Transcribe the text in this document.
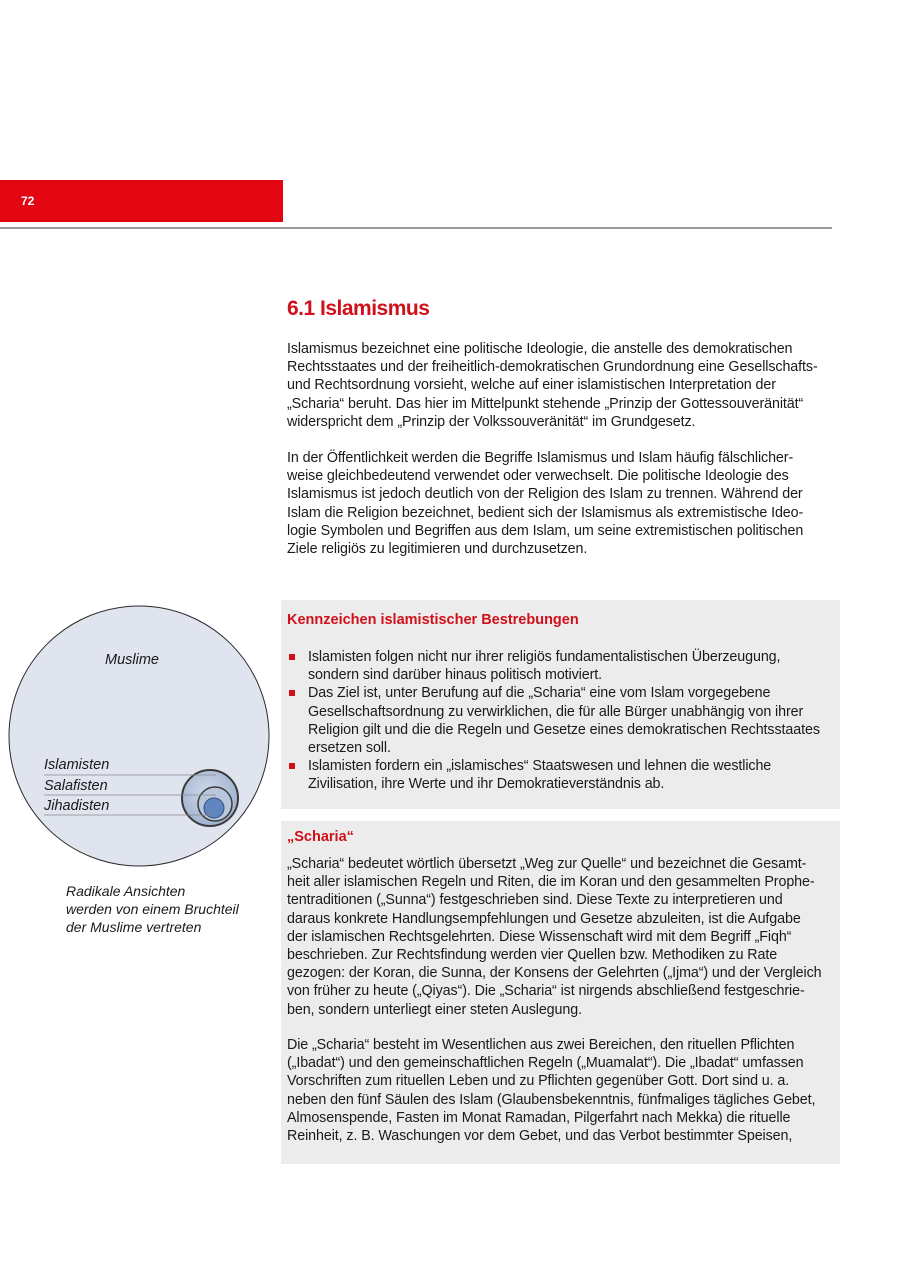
72
6.1 Islamismus

Islamismus bezeichnet eine politische Ideologie, die anstelle des demokratischen
Rechtsstaates und der freiheitlich-demokratischen Grundordnung eine Gesellschafts-
und Rechtsordnung vorsieht, welche auf einer islamistischen Interpretation der
„Scharia“ beruht. Das hier im Mittelpunkt stehende „Prinzip der Gottessouveränität“
widerspricht dem „Prinzip der Volkssouveränität“ im Grundgesetz.

In der Öffentlichkeit werden die Begriffe Islamismus und Islam häufig fälschlicher-
weise gleichbedeutend verwendet oder verwechselt. Die politische Ideologie des
Islamismus ist jedoch deutlich von der Religion des Islam zu trennen. Während der
Islam die Religion bezeichnet, bedient sich der Islamismus als extremistische Ideo-
logie Symbolen und Begriffen aus dem Islam, um seine extremistischen politischen
Ziele religiös zu legitimieren und durchzusetzen.

Muslime
Islamisten
Salafisten
Jihadisten

Radikale Ansichten
werden von einem Bruchteil
der Muslime vertreten

Kennzeichen islamistischer Bestrebungen
Islamisten folgen nicht nur ihrer religiös fundamentalistischen Überzeugung,
sondern sind darüber hinaus politisch motiviert.
Das Ziel ist, unter Berufung auf die „Scharia“ eine vom Islam vorgegebene
Gesellschaftsordnung zu verwirklichen, die für alle Bürger unabhängig von ihrer
Religion gilt und die die Regeln und Gesetze eines demokratischen Rechtsstaates
ersetzen soll.
Islamisten fordern ein „islamisches“ Staatswesen und lehnen die westliche
Zivilisation, ihre Werte und ihr Demokratieverständnis ab.
„Scharia“

„Scharia“ bedeutet wörtlich übersetzt „Weg zur Quelle“ und bezeichnet die Gesamt-
heit aller islamischen Regeln und Riten, die im Koran und den gesammelten Prophe-
tentraditionen („Sunna“) festgeschrieben sind. Diese Texte zu interpretieren und
daraus konkrete Handlungsempfehlungen und Gesetze abzuleiten, ist die Aufgabe
der islamischen Rechtsgelehrten. Diese Wissenschaft wird mit dem Begriff „Fiqh“
beschrieben. Zur Rechtsfindung werden vier Quellen bzw. Methodiken zu Rate
gezogen: der Koran, die Sunna, der Konsens der Gelehrten („Ijma“) und der Vergleich
von früher zu heute („Qiyas“). Die „Scharia“ ist nirgends abschließend festgeschrie-
ben, sondern unterliegt einer steten Auslegung.

Die „Scharia“ besteht im Wesentlichen aus zwei Bereichen, den rituellen Pflichten
(„Ibadat“) und den gemeinschaftlichen Regeln („Muamalat“). Die „Ibadat“ umfassen
Vorschriften zum rituellen Leben und zu Pflichten gegenüber Gott. Dort sind u. a.
neben den fünf Säulen des Islam (Glaubensbekenntnis, fünfmaliges tägliches Gebet,
Almosenspende, Fasten im Monat Ramadan, Pilgerfahrt nach Mekka) die rituelle
Reinheit, z. B. Waschungen vor dem Gebet, und das Verbot bestimmter Speisen,
